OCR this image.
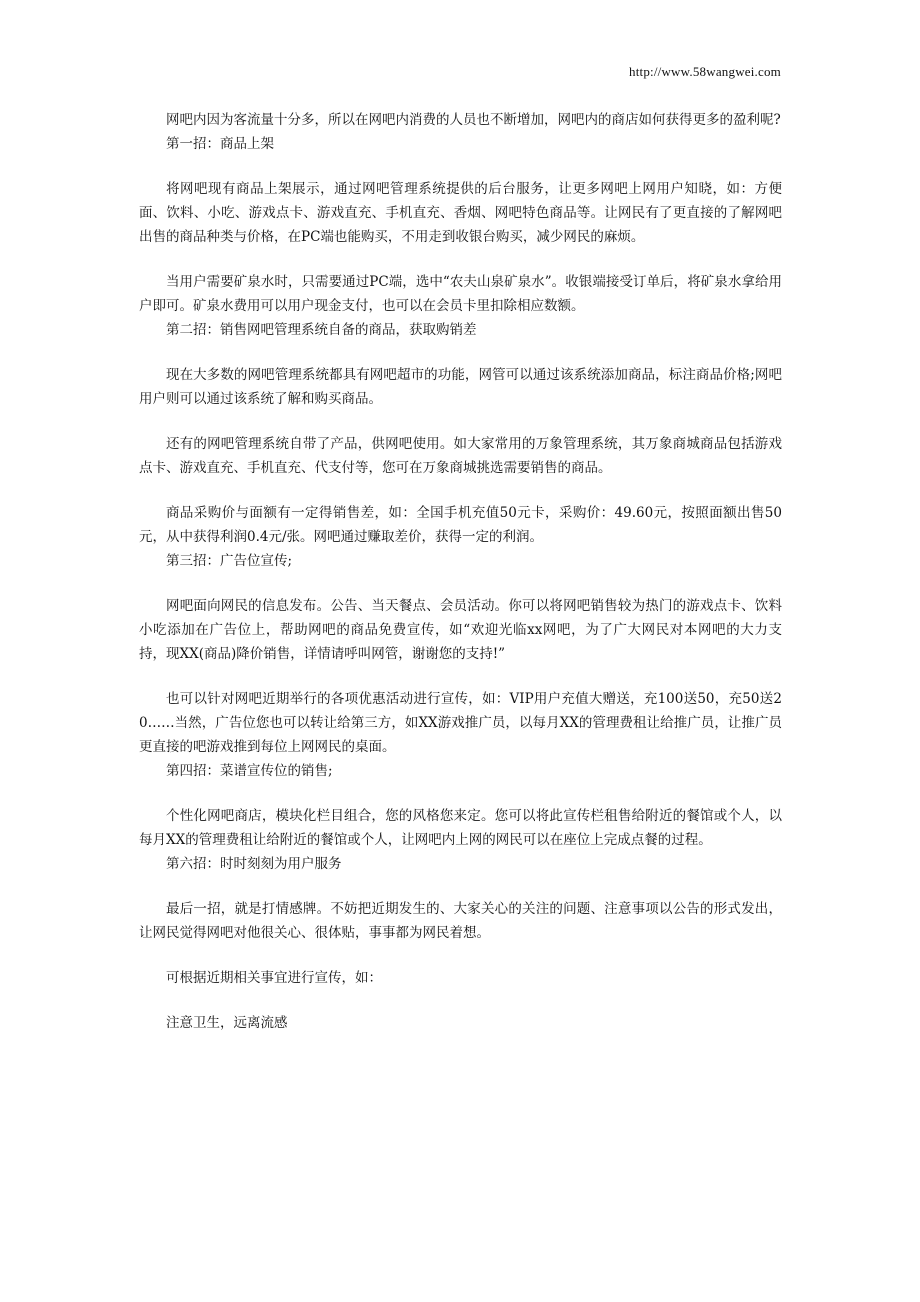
http://www.58wangwei.com

网吧内因为客流量十分多，所以在网吧内消费的人员也不断增加，网吧内的商店如何获得更多的盈利呢?

第一招：商品上架

将网吧现有商品上架展示，通过网吧管理系统提供的后台服务，让更多网吧上网用户知晓，如：方便面、饮料、小吃、游戏点卡、游戏直充、手机直充、香烟、网吧特色商品等。让网民有了更直接的了解网吧出售的商品种类与价格，在PC端也能购买，不用走到收银台购买，减少网民的麻烦。

当用户需要矿泉水时，只需要通过PC端，选中“农夫山泉矿泉水”。收银端接受订单后，将矿泉水拿给用户即可。矿泉水费用可以用户现金支付，也可以在会员卡里扣除相应数额。

第二招：销售网吧管理系统自备的商品，获取购销差

现在大多数的网吧管理系统都具有网吧超市的功能，网管可以通过该系统添加商品，标注商品价格;网吧用户则可以通过该系统了解和购买商品。

还有的网吧管理系统自带了产品，供网吧使用。如大家常用的万象管理系统，其万象商城商品包括游戏点卡、游戏直充、手机直充、代支付等，您可在万象商城挑选需要销售的商品。

商品采购价与面额有一定得销售差，如：全国手机充值50元卡，采购价：49.60元，按照面额出售50元，从中获得利润0.4元/张。网吧通过赚取差价，获得一定的利润。

第三招：广告位宣传;

网吧面向网民的信息发布。公告、当天餐点、会员活动。你可以将网吧销售较为热门的游戏点卡、饮料小吃添加在广告位上，帮助网吧的商品免费宣传，如“欢迎光临xx网吧，为了广大网民对本网吧的大力支持，现XX(商品)降价销售，详情请呼叫网管，谢谢您的支持!”

也可以针对网吧近期举行的各项优惠活动进行宣传，如：VIP用户充值大赠送，充100送50，充50送20……当然，广告位您也可以转让给第三方，如XX游戏推广员，以每月XX的管理费租让给推广员，让推广员更直接的吧游戏推到每位上网网民的桌面。

第四招：菜谱宣传位的销售;

个性化网吧商店，模块化栏目组合，您的风格您来定。您可以将此宣传栏租售给附近的餐馆或个人，以每月XX的管理费租让给附近的餐馆或个人，让网吧内上网的网民可以在座位上完成点餐的过程。

第六招：时时刻刻为用户服务

最后一招，就是打情感牌。不妨把近期发生的、大家关心的关注的问题、注意事项以公告的形式发出，让网民觉得网吧对他很关心、很体贴，事事都为网民着想。

可根据近期相关事宜进行宣传，如：

注意卫生，远离流感
